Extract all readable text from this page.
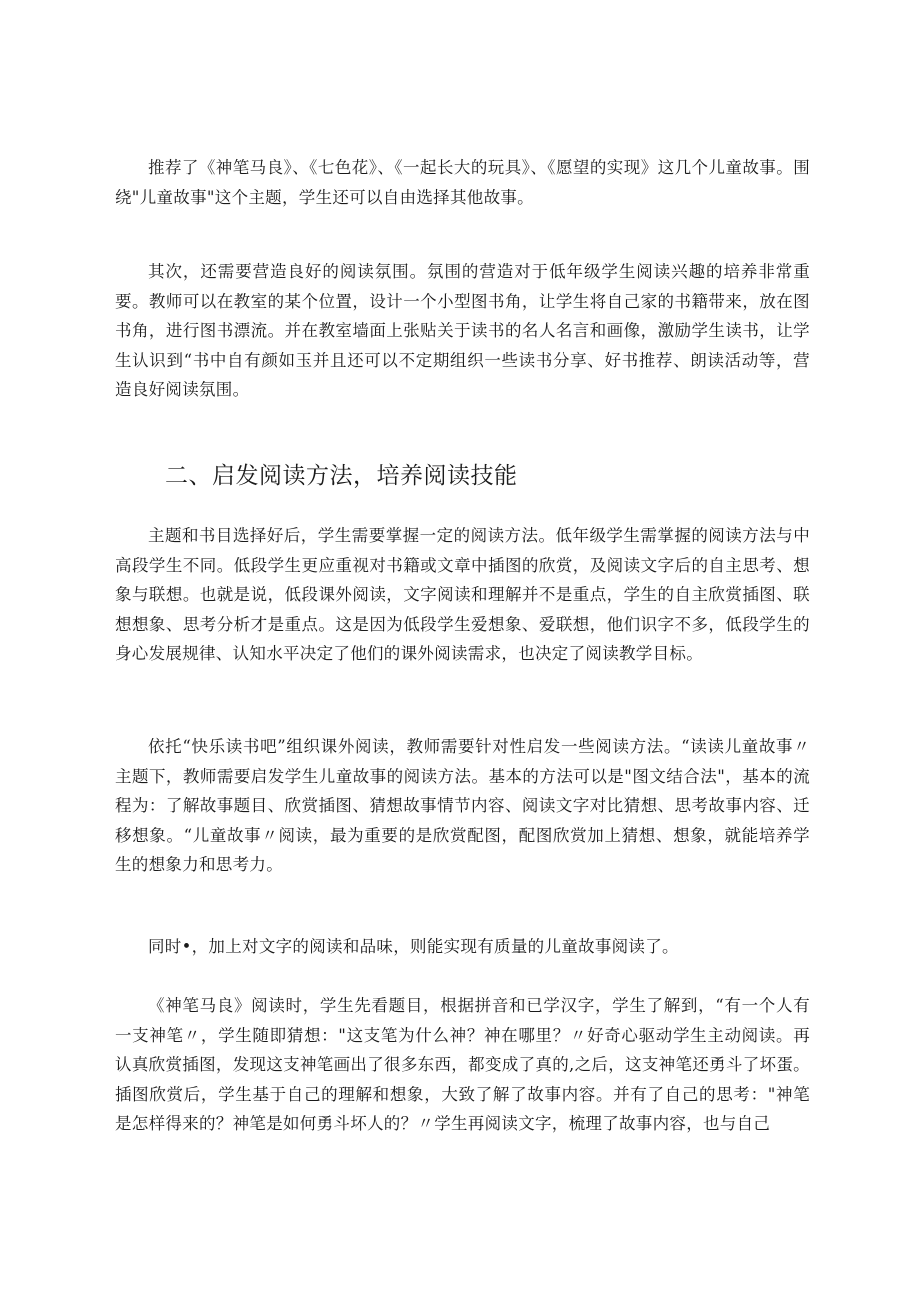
推荐了《神笔马良》、《七色花》、《一起长大的玩具》、《愿望的实现》这几个儿童故事。围绕"儿童故事"这个主题，学生还可以自由选择其他故事。

其次，还需要营造良好的阅读氛围。氛围的营造对于低年级学生阅读兴趣的培养非常重要。教师可以在教室的某个位置，设计一个小型图书角，让学生将自己家的书籍带来，放在图书角，进行图书漂流。并在教室墙面上张贴关于读书的名人名言和画像，激励学生读书，让学生认识到“书中自有颜如玉并且还可以不定期组织一些读书分享、好书推荐、朗读活动等，营造良好阅读氛围。

二、启发阅读方法，培养阅读技能

主题和书目选择好后，学生需要掌握一定的阅读方法。低年级学生需掌握的阅读方法与中高段学生不同。低段学生更应重视对书籍或文章中插图的欣赏，及阅读文字后的自主思考、想象与联想。也就是说，低段课外阅读，文字阅读和理解并不是重点，学生的自主欣赏插图、联想想象、思考分析才是重点。这是因为低段学生爱想象、爱联想，他们识字不多，低段学生的身心发展规律、认知水平决定了他们的课外阅读需求，也决定了阅读教学目标。

依托“快乐读书吧”组织课外阅读，教师需要针对性启发一些阅读方法。“读读儿童故事〃主题下，教师需要启发学生儿童故事的阅读方法。基本的方法可以是"图文结合法"，基本的流程为：了解故事题目、欣赏插图、猜想故事情节内容、阅读文字对比猜想、思考故事内容、迁移想象。“儿童故事〃阅读，最为重要的是欣赏配图，配图欣赏加上猜想、想象，就能培养学生的想象力和思考力。

同时•，加上对文字的阅读和品味，则能实现有质量的儿童故事阅读了。

《神笔马良》阅读时，学生先看题目，根据拼音和已学汉字，学生了解到，“有一个人有一支神笔〃，学生随即猜想："这支笔为什么神？神在哪里？〃好奇心驱动学生主动阅读。再认真欣赏插图，发现这支神笔画出了很多东西，都变成了真的,之后，这支神笔还勇斗了坏蛋。插图欣赏后，学生基于自己的理解和想象，大致了解了故事内容。并有了自己的思考："神笔是怎样得来的？神笔是如何勇斗坏人的？〃学生再阅读文字，梳理了故事内容，也与自己
